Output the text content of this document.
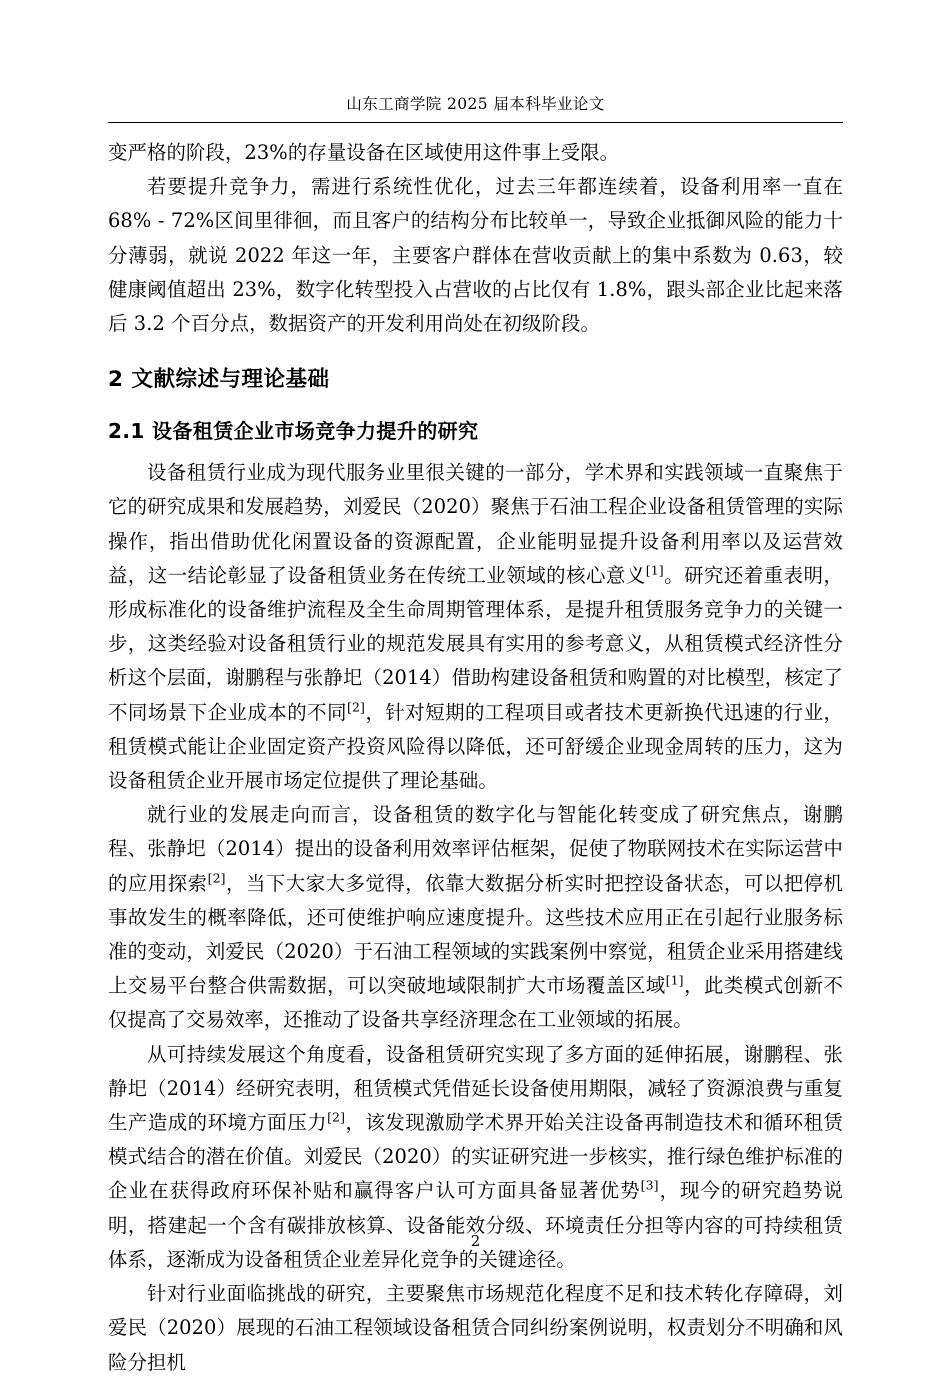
山东工商学院 2025 届本科毕业论文

变严格的阶段，23%的存量设备在区域使用这件事上受限。

若要提升竞争力，需进行系统性优化，过去三年都连续着，设备利用率一直在 68% - 72%区间里徘徊，而且客户的结构分布比较单一，导致企业抵御风险的能力十分薄弱，就说 2022 年这一年，主要客户群体在营收贡献上的集中系数为 0.63，较健康阈值超出 23%，数字化转型投入占营收的占比仅有 1.8%，跟头部企业比起来落后 3.2 个百分点，数据资产的开发利用尚处在初级阶段。

2 文献综述与理论基础
2.1 设备租赁企业市场竞争力提升的研究

设备租赁行业成为现代服务业里很关键的一部分，学术界和实践领域一直聚焦于它的研究成果和发展趋势，刘爱民（2020）聚焦于石油工程企业设备租赁管理的实际操作，指出借助优化闲置设备的资源配置，企业能明显提升设备利用率以及运营效益，这一结论彰显了设备租赁业务在传统工业领域的核心意义[1]。研究还着重表明，形成标准化的设备维护流程及全生命周期管理体系，是提升租赁服务竞争力的关键一步，这类经验对设备租赁行业的规范发展具有实用的参考意义，从租赁模式经济性分析这个层面，谢鹏程与张静圯（2014）借助构建设备租赁和购置的对比模型，核定了不同场景下企业成本的不同[2]，针对短期的工程项目或者技术更新换代迅速的行业，租赁模式能让企业固定资产投资风险得以降低，还可舒缓企业现金周转的压力，这为设备租赁企业开展市场定位提供了理论基础。

就行业的发展走向而言，设备租赁的数字化与智能化转变成了研究焦点，谢鹏程、张静圯（2014）提出的设备利用效率评估框架，促使了物联网技术在实际运营中的应用探索[2]，当下大家大多觉得，依靠大数据分析实时把控设备状态，可以把停机事故发生的概率降低，还可使维护响应速度提升。这些技术应用正在引起行业服务标准的变动，刘爱民（2020）于石油工程领域的实践案例中察觉，租赁企业采用搭建线上交易平台整合供需数据，可以突破地域限制扩大市场覆盖区域[1]，此类模式创新不仅提高了交易效率，还推动了设备共享经济理念在工业领域的拓展。

从可持续发展这个角度看，设备租赁研究实现了多方面的延伸拓展，谢鹏程、张静圯（2014）经研究表明，租赁模式凭借延长设备使用期限，减轻了资源浪费与重复生产造成的环境方面压力[2]，该发现激励学术界开始关注设备再制造技术和循环租赁模式结合的潜在价值。刘爱民（2020）的实证研究进一步核实，推行绿色维护标准的企业在获得政府环保补贴和赢得客户认可方面具备显著优势[3]，现今的研究趋势说明，搭建起一个含有碳排放核算、设备能效分级、环境责任分担等内容的可持续租赁体系，逐渐成为设备租赁企业差异化竞争的关键途径。

针对行业面临挑战的研究，主要聚焦市场规范化程度不足和技术转化存障碍，刘爱民（2020）展现的石油工程领域设备租赁合同纠纷案例说明，权责划分不明确和风险分担机

2
